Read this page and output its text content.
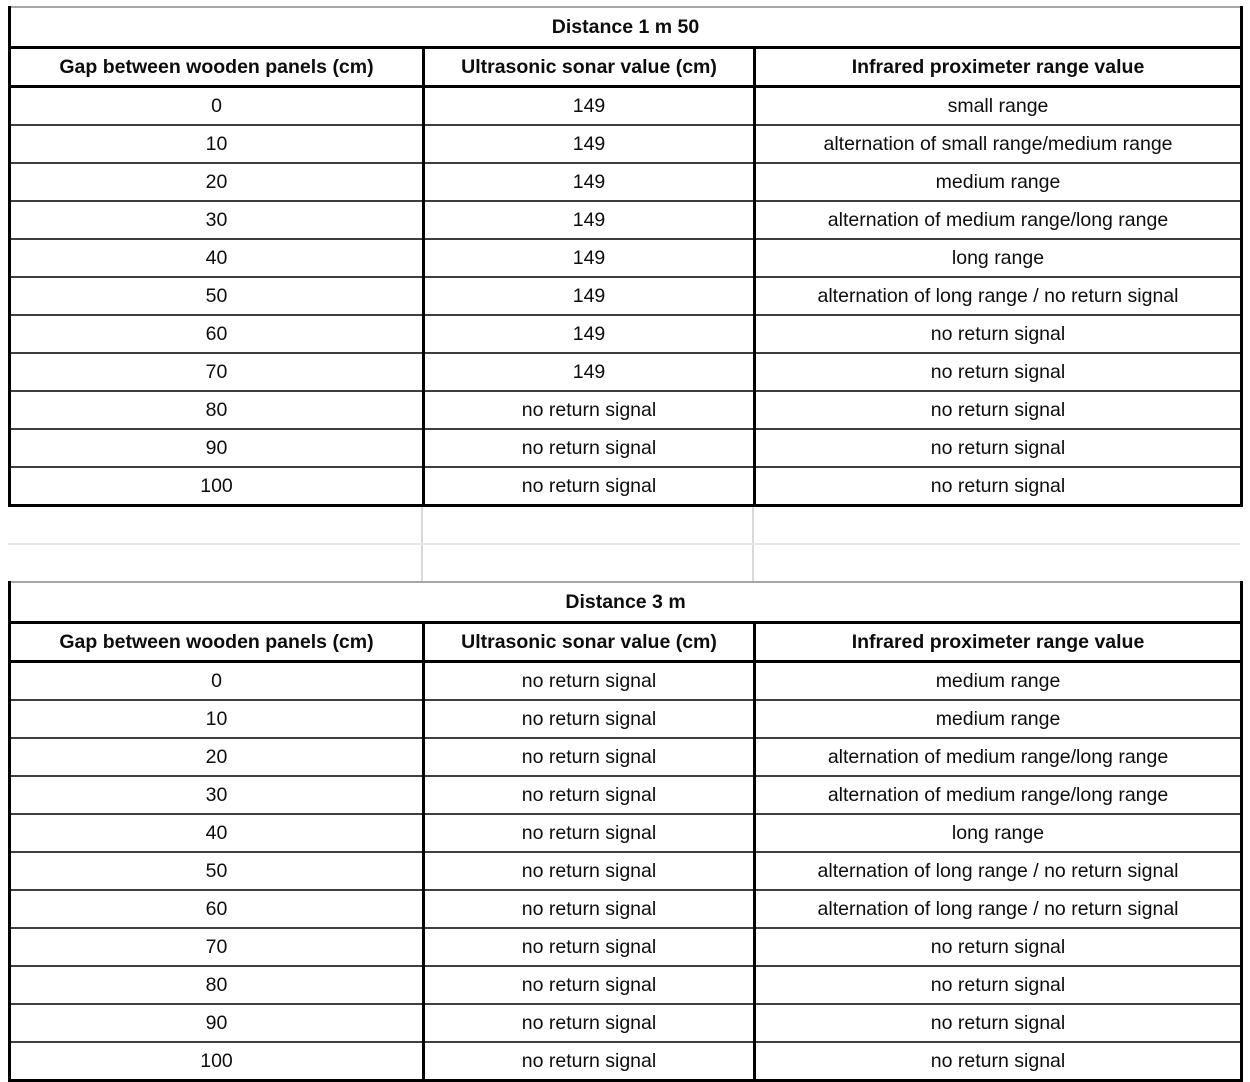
Distance 1 m 50		
Gap between wooden panels (cm)	Ultrasonic sonar value (cm)	Infrared proximeter range value
0	149	small range
10	149	alternation of small range/medium range
20	149	medium range
30	149	alternation of medium range/long range
40	149	long range
50	149	alternation of long range / no return signal
60	149	no return signal
70	149	no return signal
80	no return signal	no return signal
90	no return signal	no return signal
100	no return signal	no return signal

Distance 3 m		
Gap between wooden panels (cm)	Ultrasonic sonar value (cm)	Infrared proximeter range value
0	no return signal	medium range
10	no return signal	medium range
20	no return signal	alternation of medium range/long range
30	no return signal	alternation of medium range/long range
40	no return signal	long range
50	no return signal	alternation of long range / no return signal
60	no return signal	alternation of long range / no return signal
70	no return signal	no return signal
80	no return signal	no return signal
90	no return signal	no return signal
100	no return signal	no return signal
